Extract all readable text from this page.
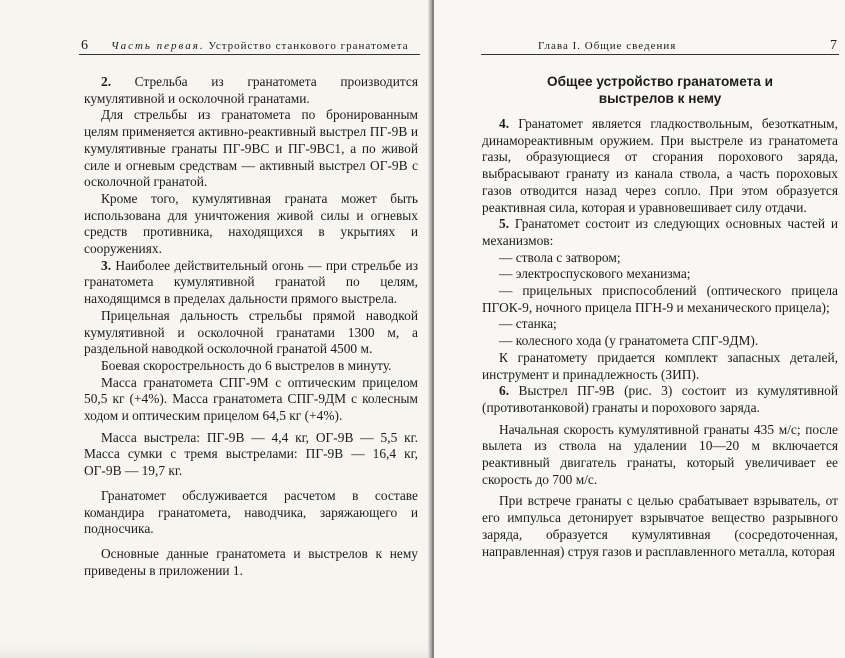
6 Часть первая. Устройство станкового гранатомета

2. Стрельба из гранатомета производится кумулятивной и осколочной гранатами.

Для стрельбы из гранатомета по бронированным целям применяется активно-реактивный выстрел ПГ-9В и кумулятивные гранаты ПГ-9ВС и ПГ-9ВС1, а по живой силе и огневым средствам — активный выстрел ОГ-9В с осколочной гранатой.

Кроме того, кумулятивная граната может быть использована для уничтожения живой силы и огневых средств противника, находящихся в укрытиях и сооружениях.

3. Наиболее действительный огонь — при стрельбе из гранатомета кумулятивной гранатой по целям, находящимся в пределах дальности прямого выстрела.

Прицельная дальность стрельбы прямой наводкой кумулятивной и осколочной гранатами 1300 м, а раздельной наводкой осколочной гранатой 4500 м.

Боевая скорострельность до 6 выстрелов в минуту.

Масса гранатомета СПГ-9М с оптическим прицелом 50,5 кг (+4%). Масса гранатомета СПГ-9ДМ с колесным ходом и оптическим прицелом 64,5 кг (+4%).

Масса выстрела: ПГ-9В — 4,4 кг, ОГ-9В — 5,5 кг. Масса сумки с тремя выстрелами: ПГ-9В — 16,4 кг, ОГ-9В — 19,7 кг.

Гранатомет обслуживается расчетом в составе командира гранатомета, наводчика, заряжающего и подносчика.

Основные данные гранатомета и выстрелов к нему приведены в приложении 1.

Глава I. Общие сведения	7
Общее устройство гранатомета и
выстрелов к нему

4. Гранатомет является гладкоствольным, безоткатным, динамореактивным оружием. При выстреле из гранатомета газы, образующиеся от сгорания порохового заряда, выбрасывают гранату из канала ствола, а часть пороховых газов отводится назад через сопло. При этом образуется реактивная сила, которая и уравновешивает силу отдачи.

5. Гранатомет состоит из следующих основных частей и механизмов:

— ствола с затвором;

— электроспускового механизма;

— прицельных приспособлений (оптического прицела ПГОК-9, ночного прицела ПГН-9 и механического прицела);

— станка;

— колесного хода (у гранатомета СПГ-9ДМ).

К гранатомету придается комплект запасных деталей, инструмент и принадлежность (ЗИП).

6. Выстрел ПГ-9В (рис. 3) состоит из кумулятивной (противотанковой) гранаты и порохового заряда.

Начальная скорость кумулятивной гранаты 435 м/с; после вылета из ствола на удалении 10—20 м включается реактивный двигатель гранаты, который увеличивает ее скорость до 700 м/с.

При встрече гранаты с целью срабатывает взрыватель, от его импульса детонирует взрывчатое вещество разрывного заряда, образуется кумулятивная (сосредоточенная, направленная) струя газов и расплавленного металла, которая
